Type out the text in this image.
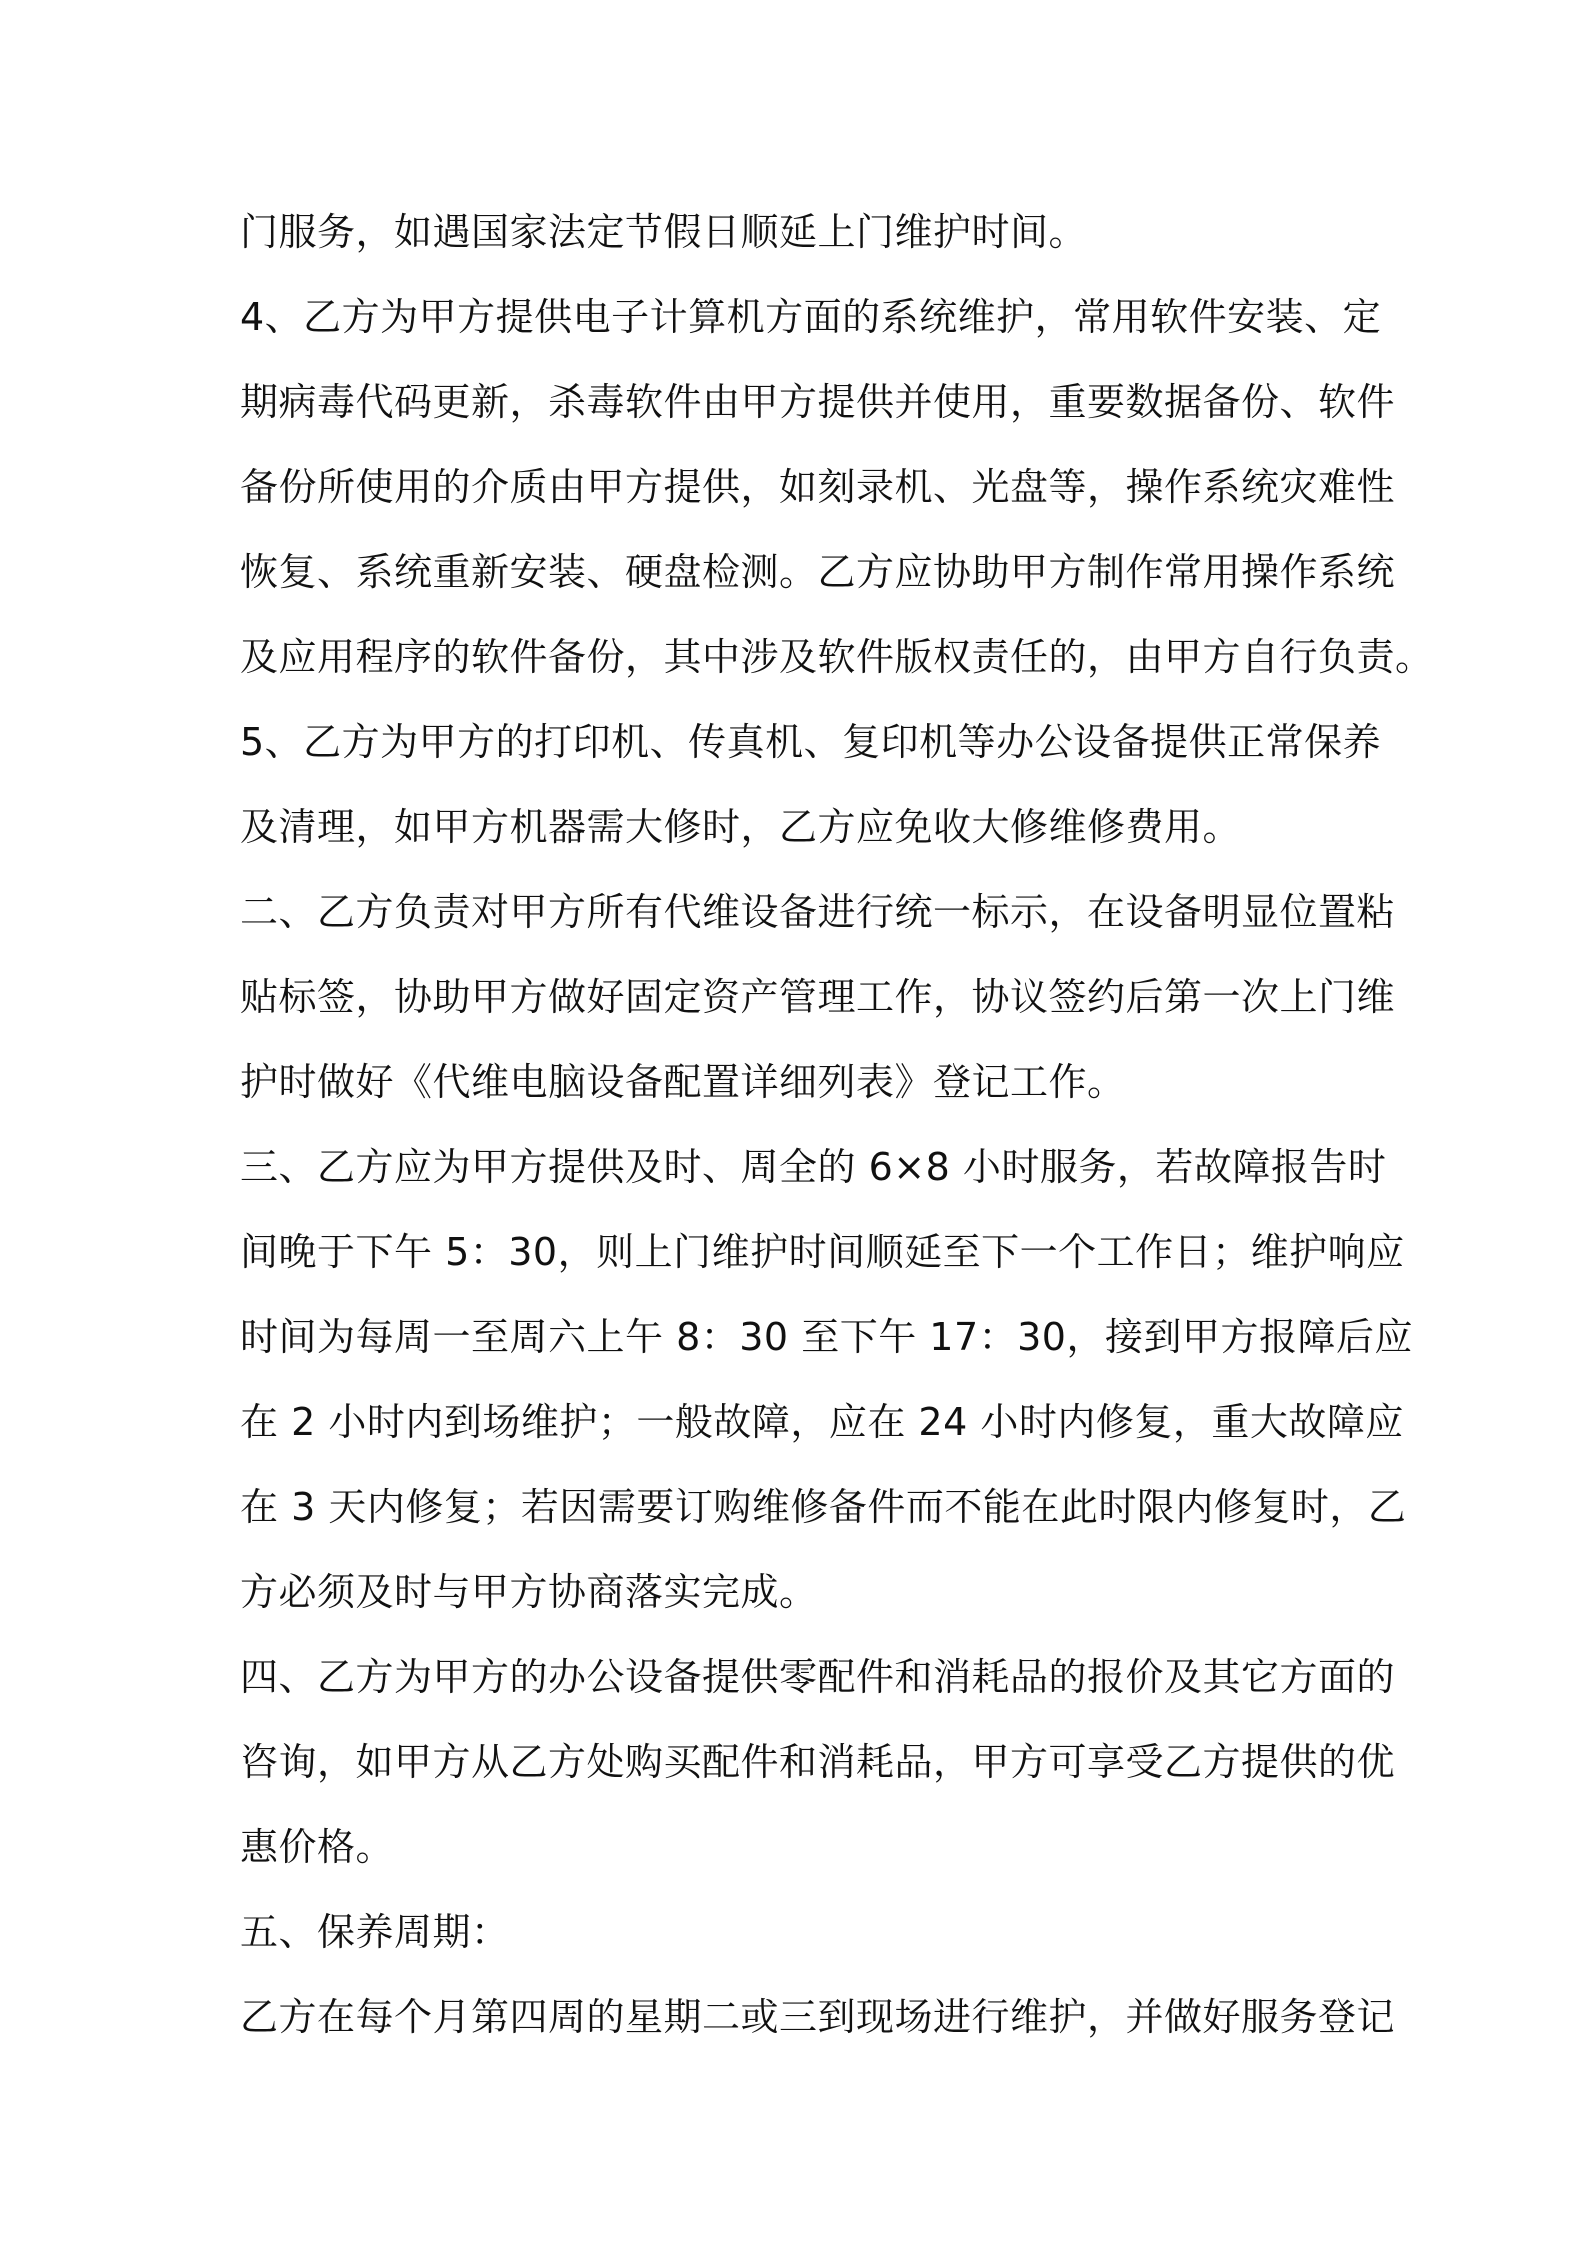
门服务，如遇国家法定节假日顺延上门维护时间。
4、乙方为甲方提供电子计算机方面的系统维护，常用软件安装、定
期病毒代码更新，杀毒软件由甲方提供并使用，重要数据备份、软件
备份所使用的介质由甲方提供，如刻录机、光盘等，操作系统灾难性
恢复、系统重新安装、硬盘检测。乙方应协助甲方制作常用操作系统
及应用程序的软件备份，其中涉及软件版权责任的，由甲方自行负责。
5、乙方为甲方的打印机、传真机、复印机等办公设备提供正常保养
及清理，如甲方机器需大修时，乙方应免收大修维修费用。
二、乙方负责对甲方所有代维设备进行统一标示，在设备明显位置粘
贴标签，协助甲方做好固定资产管理工作，协议签约后第一次上门维
护时做好《代维电脑设备配置详细列表》登记工作。
三、乙方应为甲方提供及时、周全的 6×8 小时服务，若故障报告时
间晚于下午 5：30，则上门维护时间顺延至下一个工作日；维护响应
时间为每周一至周六上午 8：30 至下午 17：30，接到甲方报障后应
在 2 小时内到场维护；一般故障，应在 24 小时内修复，重大故障应
在 3 天内修复；若因需要订购维修备件而不能在此时限内修复时，乙
方必须及时与甲方协商落实完成。
四、乙方为甲方的办公设备提供零配件和消耗品的报价及其它方面的
咨询，如甲方从乙方处购买配件和消耗品，甲方可享受乙方提供的优
惠价格。
五、保养周期：
乙方在每个月第四周的星期二或三到现场进行维护，并做好服务登记
